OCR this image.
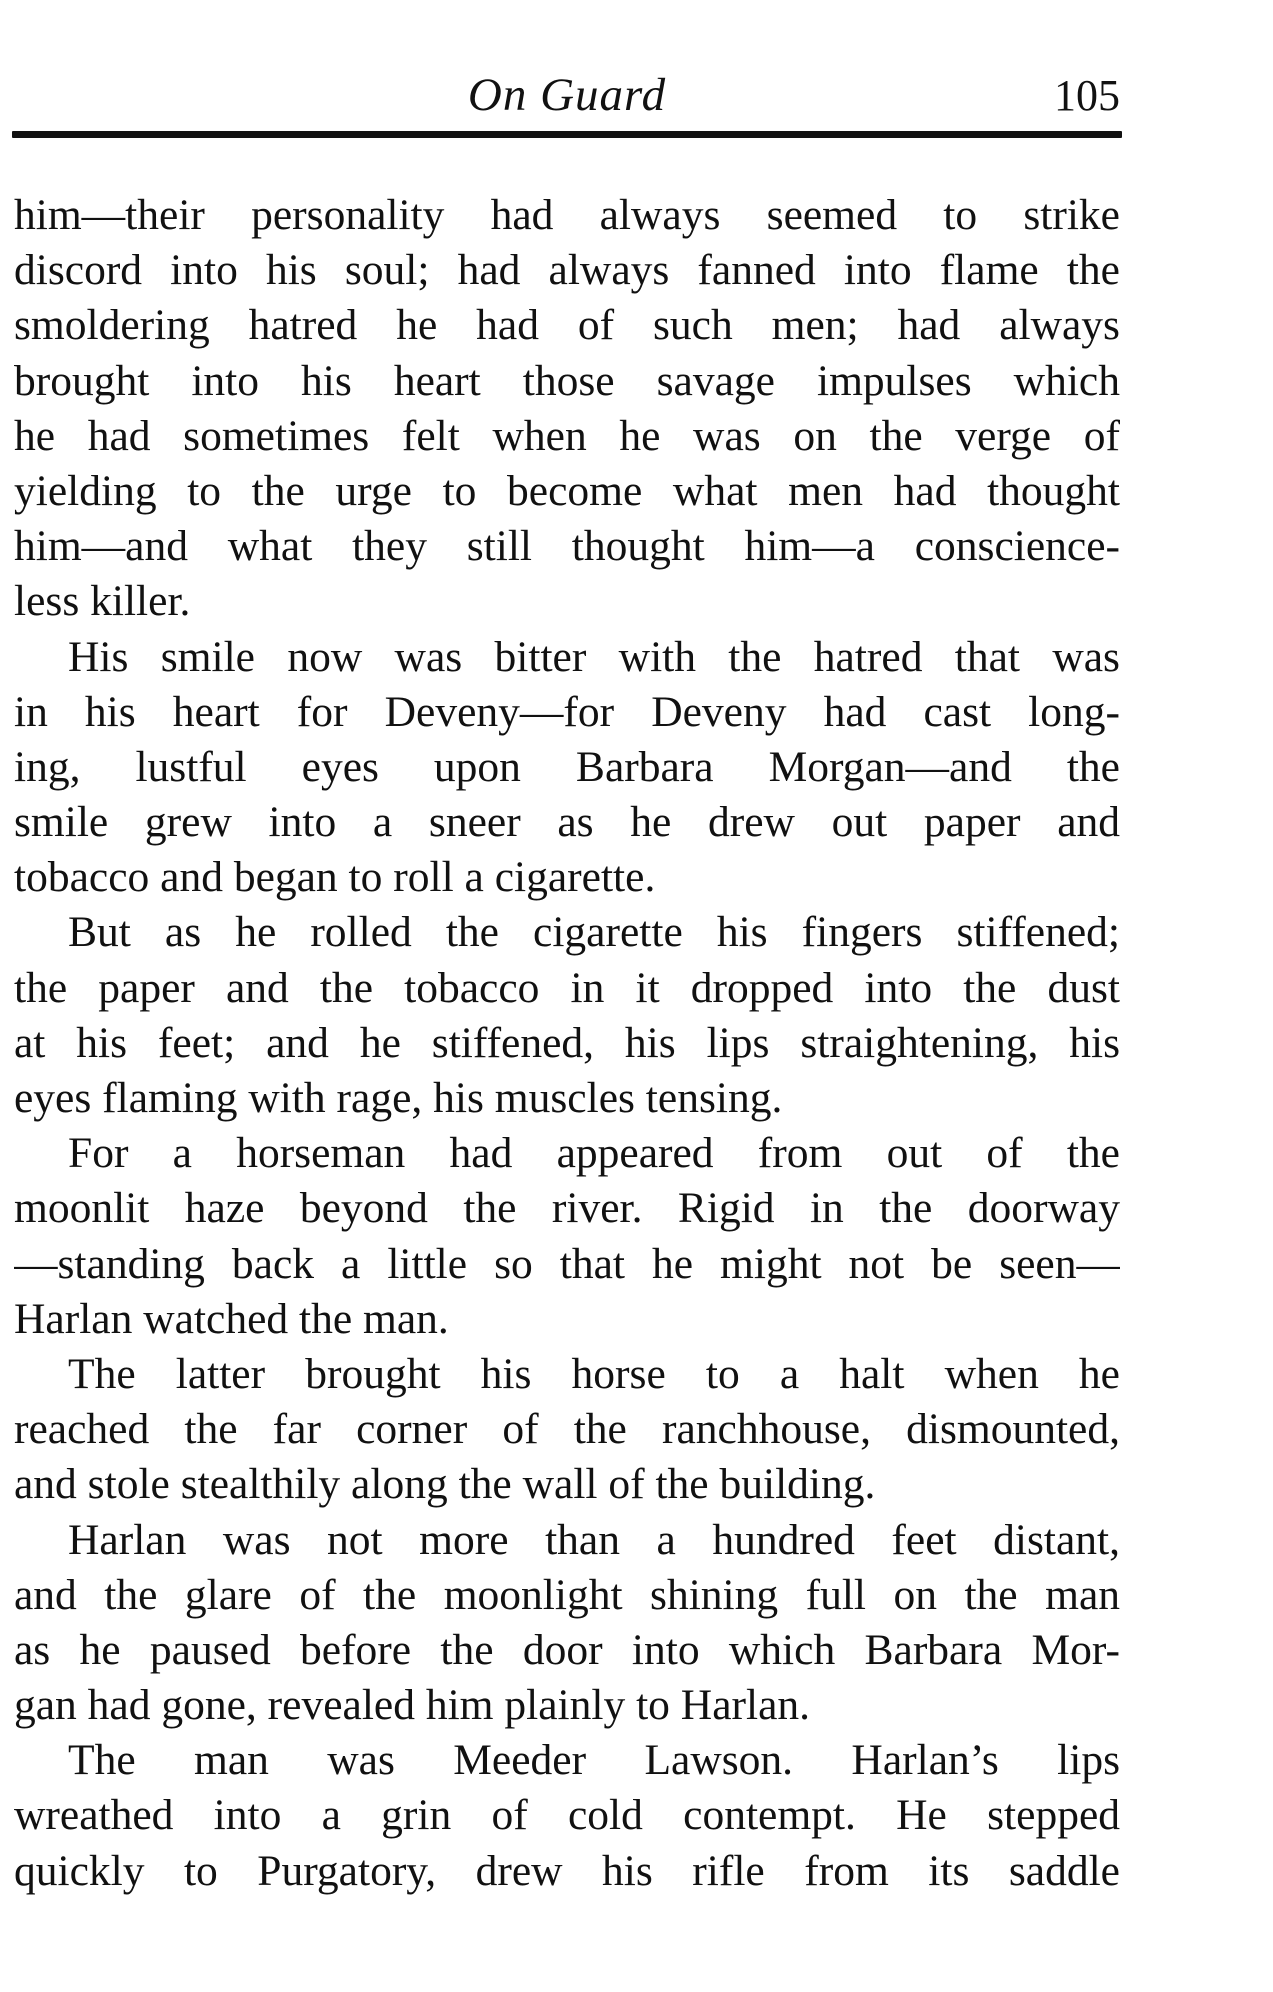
On Guard	105
him—their personality had always seemed to strike
discord into his soul; had always fanned into flame the
smoldering hatred he had of such men; had always
brought into his heart those savage impulses which
he had sometimes felt when he was on the verge of
yielding to the urge to become what men had thought
him—and what they still thought him—a conscience-
less killer.
His smile now was bitter with the hatred that was
in his heart for Deveny—for Deveny had cast long-
ing, lustful eyes upon Barbara Morgan—and the
smile grew into a sneer as he drew out paper and
tobacco and began to roll a cigarette.
But as he rolled the cigarette his fingers stiffened;
the paper and the tobacco in it dropped into the dust
at his feet; and he stiffened, his lips straightening, his
eyes flaming with rage, his muscles tensing.
For a horseman had appeared from out of the
moonlit haze beyond the river. Rigid in the doorway
—standing back a little so that he might not be seen—
Harlan watched the man.
The latter brought his horse to a halt when he
reached the far corner of the ranchhouse, dismounted,
and stole stealthily along the wall of the building.
Harlan was not more than a hundred feet distant,
and the glare of the moonlight shining full on the man
as he paused before the door into which Barbara Mor-
gan had gone, revealed him plainly to Harlan.
The man was Meeder Lawson. Harlan’s lips
wreathed into a grin of cold contempt. He stepped
quickly to Purgatory, drew his rifle from its saddle
